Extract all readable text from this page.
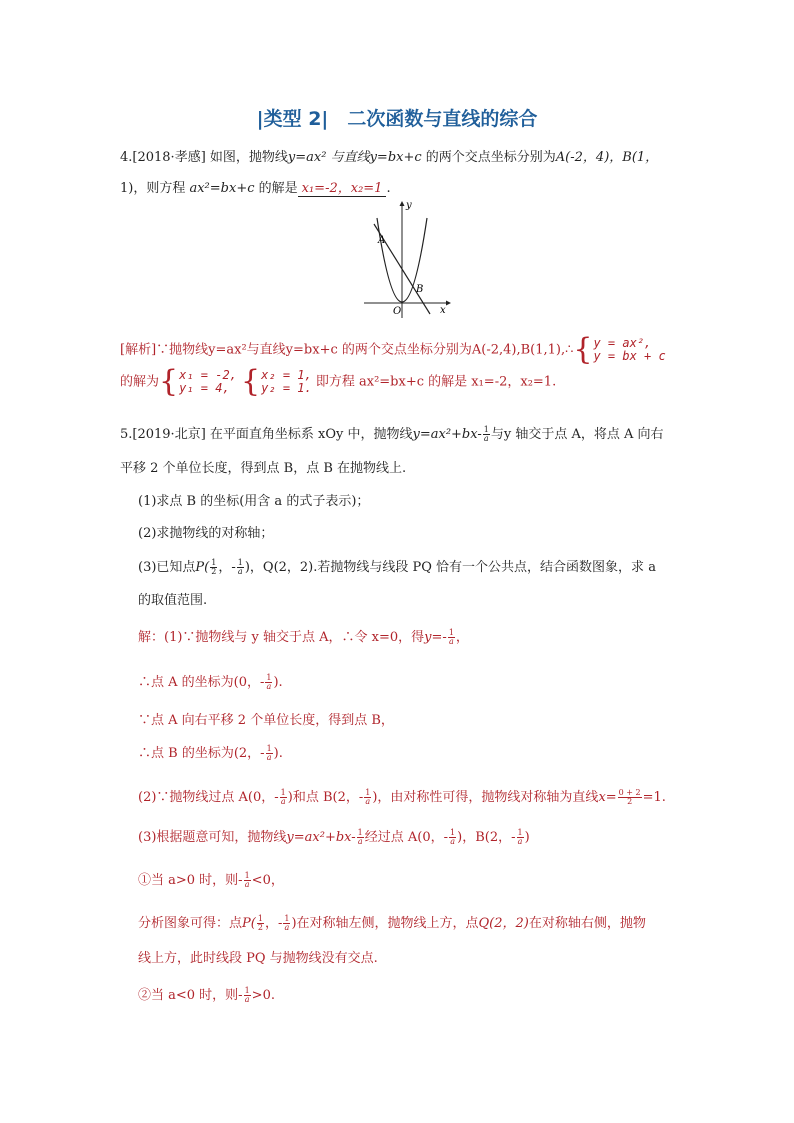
|类型 2|　二次函数与直线的综合
4.[2018·孝感] 如图，抛物线y=ax² 与直线y=bx+c 的两个交点坐标分别为A(-2，4)，B(1，
1)，则方程 ax²=bx+c 的解是 x₁=-2，x₂=1 .
y
x
O
A
B
[解析]∵抛物线y=ax²与直线y=bx+c 的两个交点坐标分别为A(-2,4),B(1,1),∴{y = ax²,
y = bx + c
的解为{x₁ = -2,
y₁ = 4, {x₂ = 1,
y₂ = 1. 即方程 ax²=bx+c 的解是 x₁=-2，x₂=1.
5.[2019·北京] 在平面直角坐标系 xOy 中，抛物线$y=ax^2+bx- \frac{1}{a}$ 与y 轴交于点 A，将点 A 向右
平移 2 个单位长度，得到点 B，点 B 在抛物线上.
(1)求点 B 的坐标(用含 a 的式子表示)；
(2)求抛物线的对称轴；
(3)已知点$P( \frac{1}{2}$ ，- $\frac{1}{a}$ )，Q(2，2).若抛物线与线段 PQ 恰有一个公共点，结合函数图象，求 a
的取值范围.
解：(1)∵抛物线与 y 轴交于点 A，∴令 x=0，得$y=- \frac{1}{a}$ ，
∴点 A 的坐标为(0，- $\frac{1}{a}$ ).
∵点 A 向右平移 2 个单位长度，得到点 B，
∴点 B 的坐标为(2，- $\frac{1}{a}$ ).
(2)∵抛物线过点 A(0，- $\frac{1}{a}$ )和点 B(2，- $\frac{1}{a}$ )，由对称性可得，抛物线对称轴为直线$x= \frac{0 + 2}{2} =1$.
(3)根据题意可知，抛物线$y=ax^2+bx- \frac{1}{a}$ 经过点 A(0，- $\frac{1}{a}$ )，B(2，- $\frac{1}{a}$ )
①当 a>0 时，则- $\frac{1}{a} <0$，
分析图象可得：点$P( \frac{1}{2}$ ，- $\frac{1}{a}$ )在对称轴左侧，抛物线上方，点Q(2，2)在对称轴右侧，抛物
线上方，此时线段 PQ 与抛物线没有交点.
②当 a<0 时，则- $\frac{1}{a} >0$.
